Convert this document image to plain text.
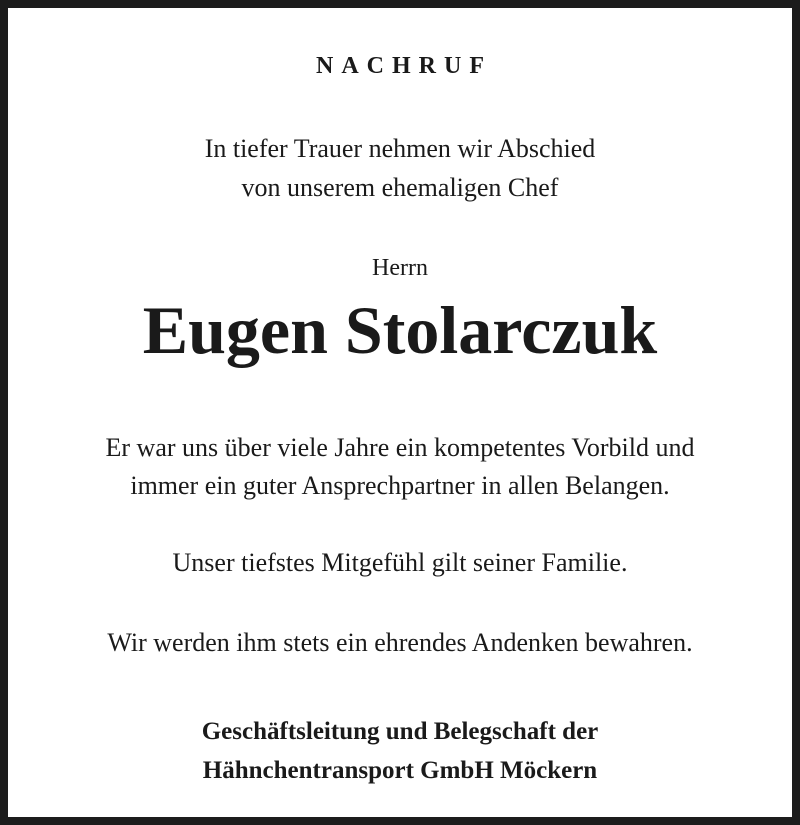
NACHRUF
In tiefer Trauer nehmen wir Abschied
von unserem ehemaligen Chef
Herrn
Eugen Stolarczuk
Er war uns über viele Jahre ein kompetentes Vorbild und
immer ein guter Ansprechpartner in allen Belangen.
Unser tiefstes Mitgefühl gilt seiner Familie.
Wir werden ihm stets ein ehrendes Andenken bewahren.
Geschäftsleitung und Belegschaft der
Hähnchentransport GmbH Möckern
